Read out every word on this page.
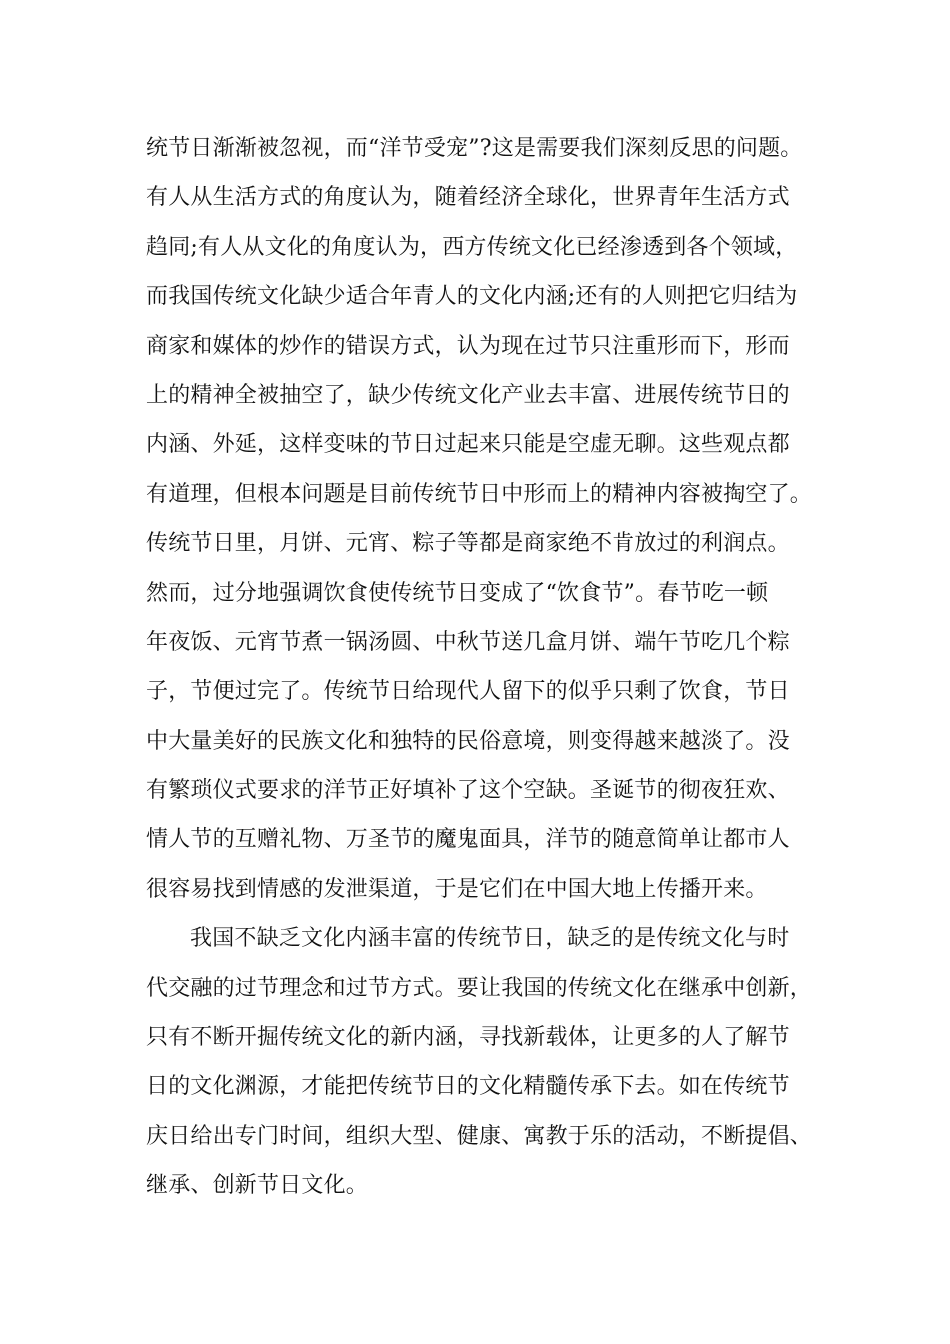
统节日渐渐被忽视，而“洋节受宠”?这是需要我们深刻反思的问题。
有人从生活方式的角度认为，随着经济全球化，世界青年生活方式
趋同;有人从文化的角度认为，西方传统文化已经渗透到各个领域，
而我国传统文化缺少适合年青人的文化内涵;还有的人则把它归结为
商家和媒体的炒作的错误方式，认为现在过节只注重形而下，形而
上的精神全被抽空了，缺少传统文化产业去丰富、进展传统节日的
内涵、外延，这样变味的节日过起来只能是空虚无聊。这些观点都
有道理，但根本问题是目前传统节日中形而上的精神内容被掏空了。
传统节日里，月饼、元宵、粽子等都是商家绝不肯放过的利润点。
然而，过分地强调饮食使传统节日变成了“饮食节”。春节吃一顿
年夜饭、元宵节煮一锅汤圆、中秋节送几盒月饼、端午节吃几个粽
子，节便过完了。传统节日给现代人留下的似乎只剩了饮食，节日
中大量美好的民族文化和独特的民俗意境，则变得越来越淡了。没
有繁琐仪式要求的洋节正好填补了这个空缺。圣诞节的彻夜狂欢、
情人节的互赠礼物、万圣节的魔鬼面具，洋节的随意简单让都市人
很容易找到情感的发泄渠道，于是它们在中国大地上传播开来。
我国不缺乏文化内涵丰富的传统节日，缺乏的是传统文化与时
代交融的过节理念和过节方式。要让我国的传统文化在继承中创新，
只有不断开掘传统文化的新内涵，寻找新载体，让更多的人了解节
日的文化渊源，才能把传统节日的文化精髓传承下去。如在传统节
庆日给出专门时间，组织大型、健康、寓教于乐的活动，不断提倡、
继承、创新节日文化。
